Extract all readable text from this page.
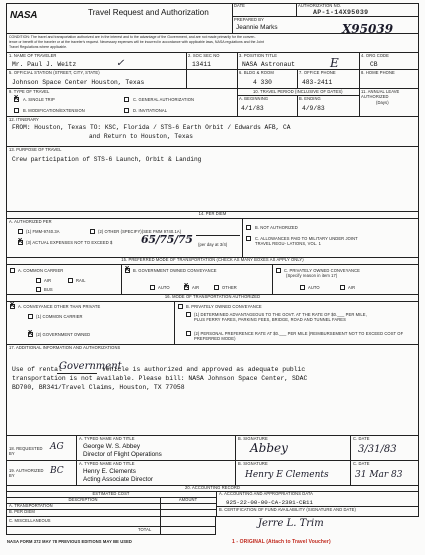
NASA	Travel Request and Authorization
DATE	AUTHORIZATION NO.
AP-1-14X95039
X95039
PREPARED BY
Jeannie Marks
CONDITION: The travel and transportation authorized are in the interest and to the advantage of the Government, and are not made primarily for the conven-
ience or benefit of the traveler or at the traveler's request. Necessary expenses will be incurred in accordance with applicable laws, NASA regulations and the Joint
Travel Regulations where applicable.
1. NAME OF TRAVELER
Mr. Paul J. Weitz	✓
2. SOC SEC NO
13411
3. POSITION TITLE
NASA Astronaut	E
4. ORG CODE
CB
5. OFFICIAL STATION (STREET, CITY, STATE)
Johnson Space Center Houston, Texas
6. BLDG & ROOM
4 330
7. OFFICE PHONE
483-2411
8. HOME PHONE
9. TYPE OF TRAVEL
X A. SINGLE TRIP	C. GENERAL AUTHORIZATION
B. MODIFICATION/EXTENSION	D. INVITATIONAL
10. TRAVEL PERIOD (INCLUSIVE OF DATES)
A. BEGINNING
4/1/83
B. ENDING
4/9/83
11. ANNUAL LEAVE AUTHORIZED
(Days)
12. ITINERARY
FROM: Houston, Texas TO: KSC, Florida / STS-6 Earth Orbit / Edwards AFB, CA
and Return to Houston, Texas
13. PURPOSE OF TRAVEL
Crew participation of STS-6 Launch, Orbit & Landing
14. PER DIEM
A. AUTHORIZED PER
(1) FMM-9740.3A	(2) OTHER (SPECIFY)(SEE FMM 9740.1A)
X (3) ACTUAL EXPENSES NOT TO EXCEED $	65/75/75 (per day at 3/4)
B. NOT AUTHORIZED
C. ALLOWANCES PAID TO MILITARY UNDER JOINT TRAVEL REGU- LATIONS, VOL. 1
15. PREFERRED MODE OF TRANSPORTATION (CHECK AS MANY BOXES AS APPLY ONLY)
A. COMMON CARRIER
AIR	RAIL
BUS
X B. GOVERNMENT OWNED CONVEYANCE
AUTO X AIR	OTHER
C. PRIVATELY OWNED CONVEYANCE
(Specify reason in item 17)
AUTO	AIR
16. MODE OF TRANSPORTATION AUTHORIZED
X A. CONVEYANCE OTHER THAN PRIVATE
(1) COMMON CARRIER
X (2) GOVERNMENT OWNED
B. PRIVATELY OWNED CONVEYANCE
(1) DETERMINED ADVANTAGEOUS TO THE GOVT. AT THE RATE OF $0.___ PER MILE, PLUS FERRY FARES, PARKING FEES, BRIDGE, ROAD AND TUNNEL FARES
(2) PERSONAL PREFERENCE RATE AT $0.___ PER MILE (REIMBURSEMENT NOT TO EXCEED COST OF PREFERRED MODE)
17. ADDITIONAL INFORMATION AND AUTHORIZATIONS
Use of rental
Government
vehicle is authorized and approved as adequate public
transportation is not available. Please bill: NASA Johnson Space Center, SDAC
BD700, BR341/Travel Claims, Houston, TX 77058
18. REQUESTED BY
AG
A. TYPED NAME AND TITLE
George W. S. Abbey
Director of Flight Operations
B. SIGNATURE
Abbey
C. DATE
3/31/83
19. AUTHORIZED BY	BC
A. TYPED NAME AND TITLE
Henry E. Clements
Acting Associate Director
B. SIGNATURE
Henry E Clements
C. DATE
31 Mar 83
20. ACCOUNTING RECORD
ESTIMATED COST
DESCRIPTION	AMOUNT
A. TRANSPORTATION
B. PER DIEM
A. ACCOUNTING AND APPROPRIATIONS DATA
925-22-00-00-CA-2301-CB11
B. CERTIFICATION OF FUND AVAILABILITY (SIGNATURE AND DATE)
C. MISCELLANEOUS
TOTAL
Jerre L. Trim
NASA FORM 372 MAY 78 PREVIOUS EDITIONS MAY BE USED	1 - ORIGINAL (Attach to Travel Voucher)
